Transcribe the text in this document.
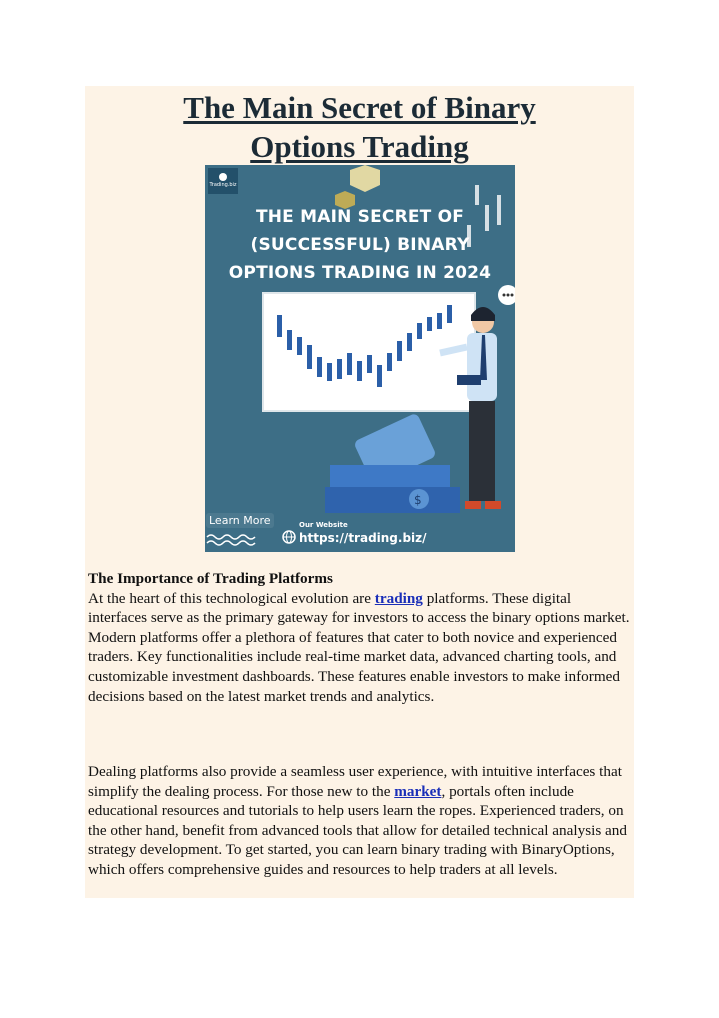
The Main Secret of Binary
Options Trading
$
Trading.biz
THE MAIN SECRET OF
(SUCCESSFUL) BINARY
OPTIONS TRADING IN 2024
Learn More	Our Website
https://trading.biz/

The Importance of Trading Platforms

At the heart of this technological evolution are trading platforms. These digital interfaces serve as the primary gateway for investors to access the binary options market. Modern platforms offer a plethora of features that cater to both novice and experienced traders. Key functionalities include real-time market data, advanced charting tools, and customizable investment dashboards. These features enable investors to make informed decisions based on the latest market trends and analytics.

Dealing platforms also provide a seamless user experience, with intuitive interfaces that simplify the dealing process. For those new to the market, portals often include educational resources and tutorials to help users learn the ropes. Experienced traders, on the other hand, benefit from advanced tools that allow for detailed technical analysis and strategy development. To get started, you can learn binary trading with BinaryOptions, which offers comprehensive guides and resources to help traders at all levels.
